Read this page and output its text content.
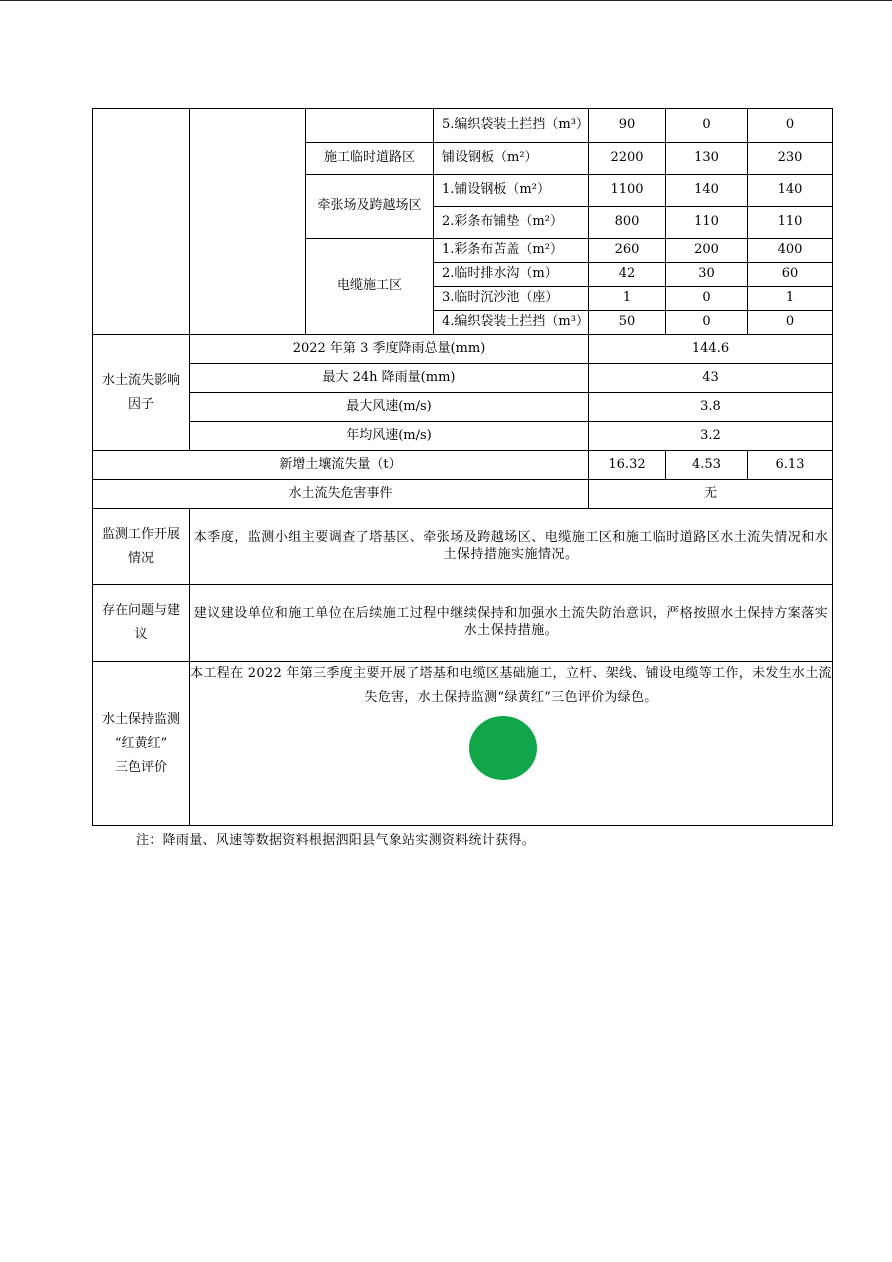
			5.编织袋装土拦挡（m³）	90	0	0
		施工临时道路区	铺设钢板（m²）	2200	130	230
		牵张场及跨越场区	1.铺设钢板（m²）	1100	140	140
			2.彩条布铺垫（m²）	800	110	110
		电缆施工区	1.彩条布苫盖（m²）	260	200	400
			2.临时排水沟（m）	42	30	60
			3.临时沉沙池（座）	1	0	1
			4.编织袋装土拦挡（m³）	50	0	0
水土流失影响因子	2022 年第 3 季度降雨总量(mm)			144.6		
	最大 24h 降雨量(mm)			43		
	最大风速(m/s)			3.8		
	年均风速(m/s)			3.2		
新增土壤流失量（t）				16.32	4.53	6.13
水土流失危害事件				无		
监测工作开展情况	本季度，监测小组主要调查了塔基区、牵张场及跨越场区、电缆施工区和施工临时道路区水土流失情况和水土保持措施实施情况。					
存在问题与建议	建议建设单位和施工单位在后续施工过程中继续保持和加强水土流失防治意识，严格按照水土保持方案落实水土保持措施。					

水土保持监测
“红黄红”
三色评价	本工程在 2022 年第三季度主要开展了塔基和电缆区基础施工，立杆、架线、铺设电缆等工作，未发生水土流失危害，水土保持监测“绿黄红”三色评价为绿色。					
注：降雨量、风速等数据资料根据泗阳县气象站实测资料统计获得。
